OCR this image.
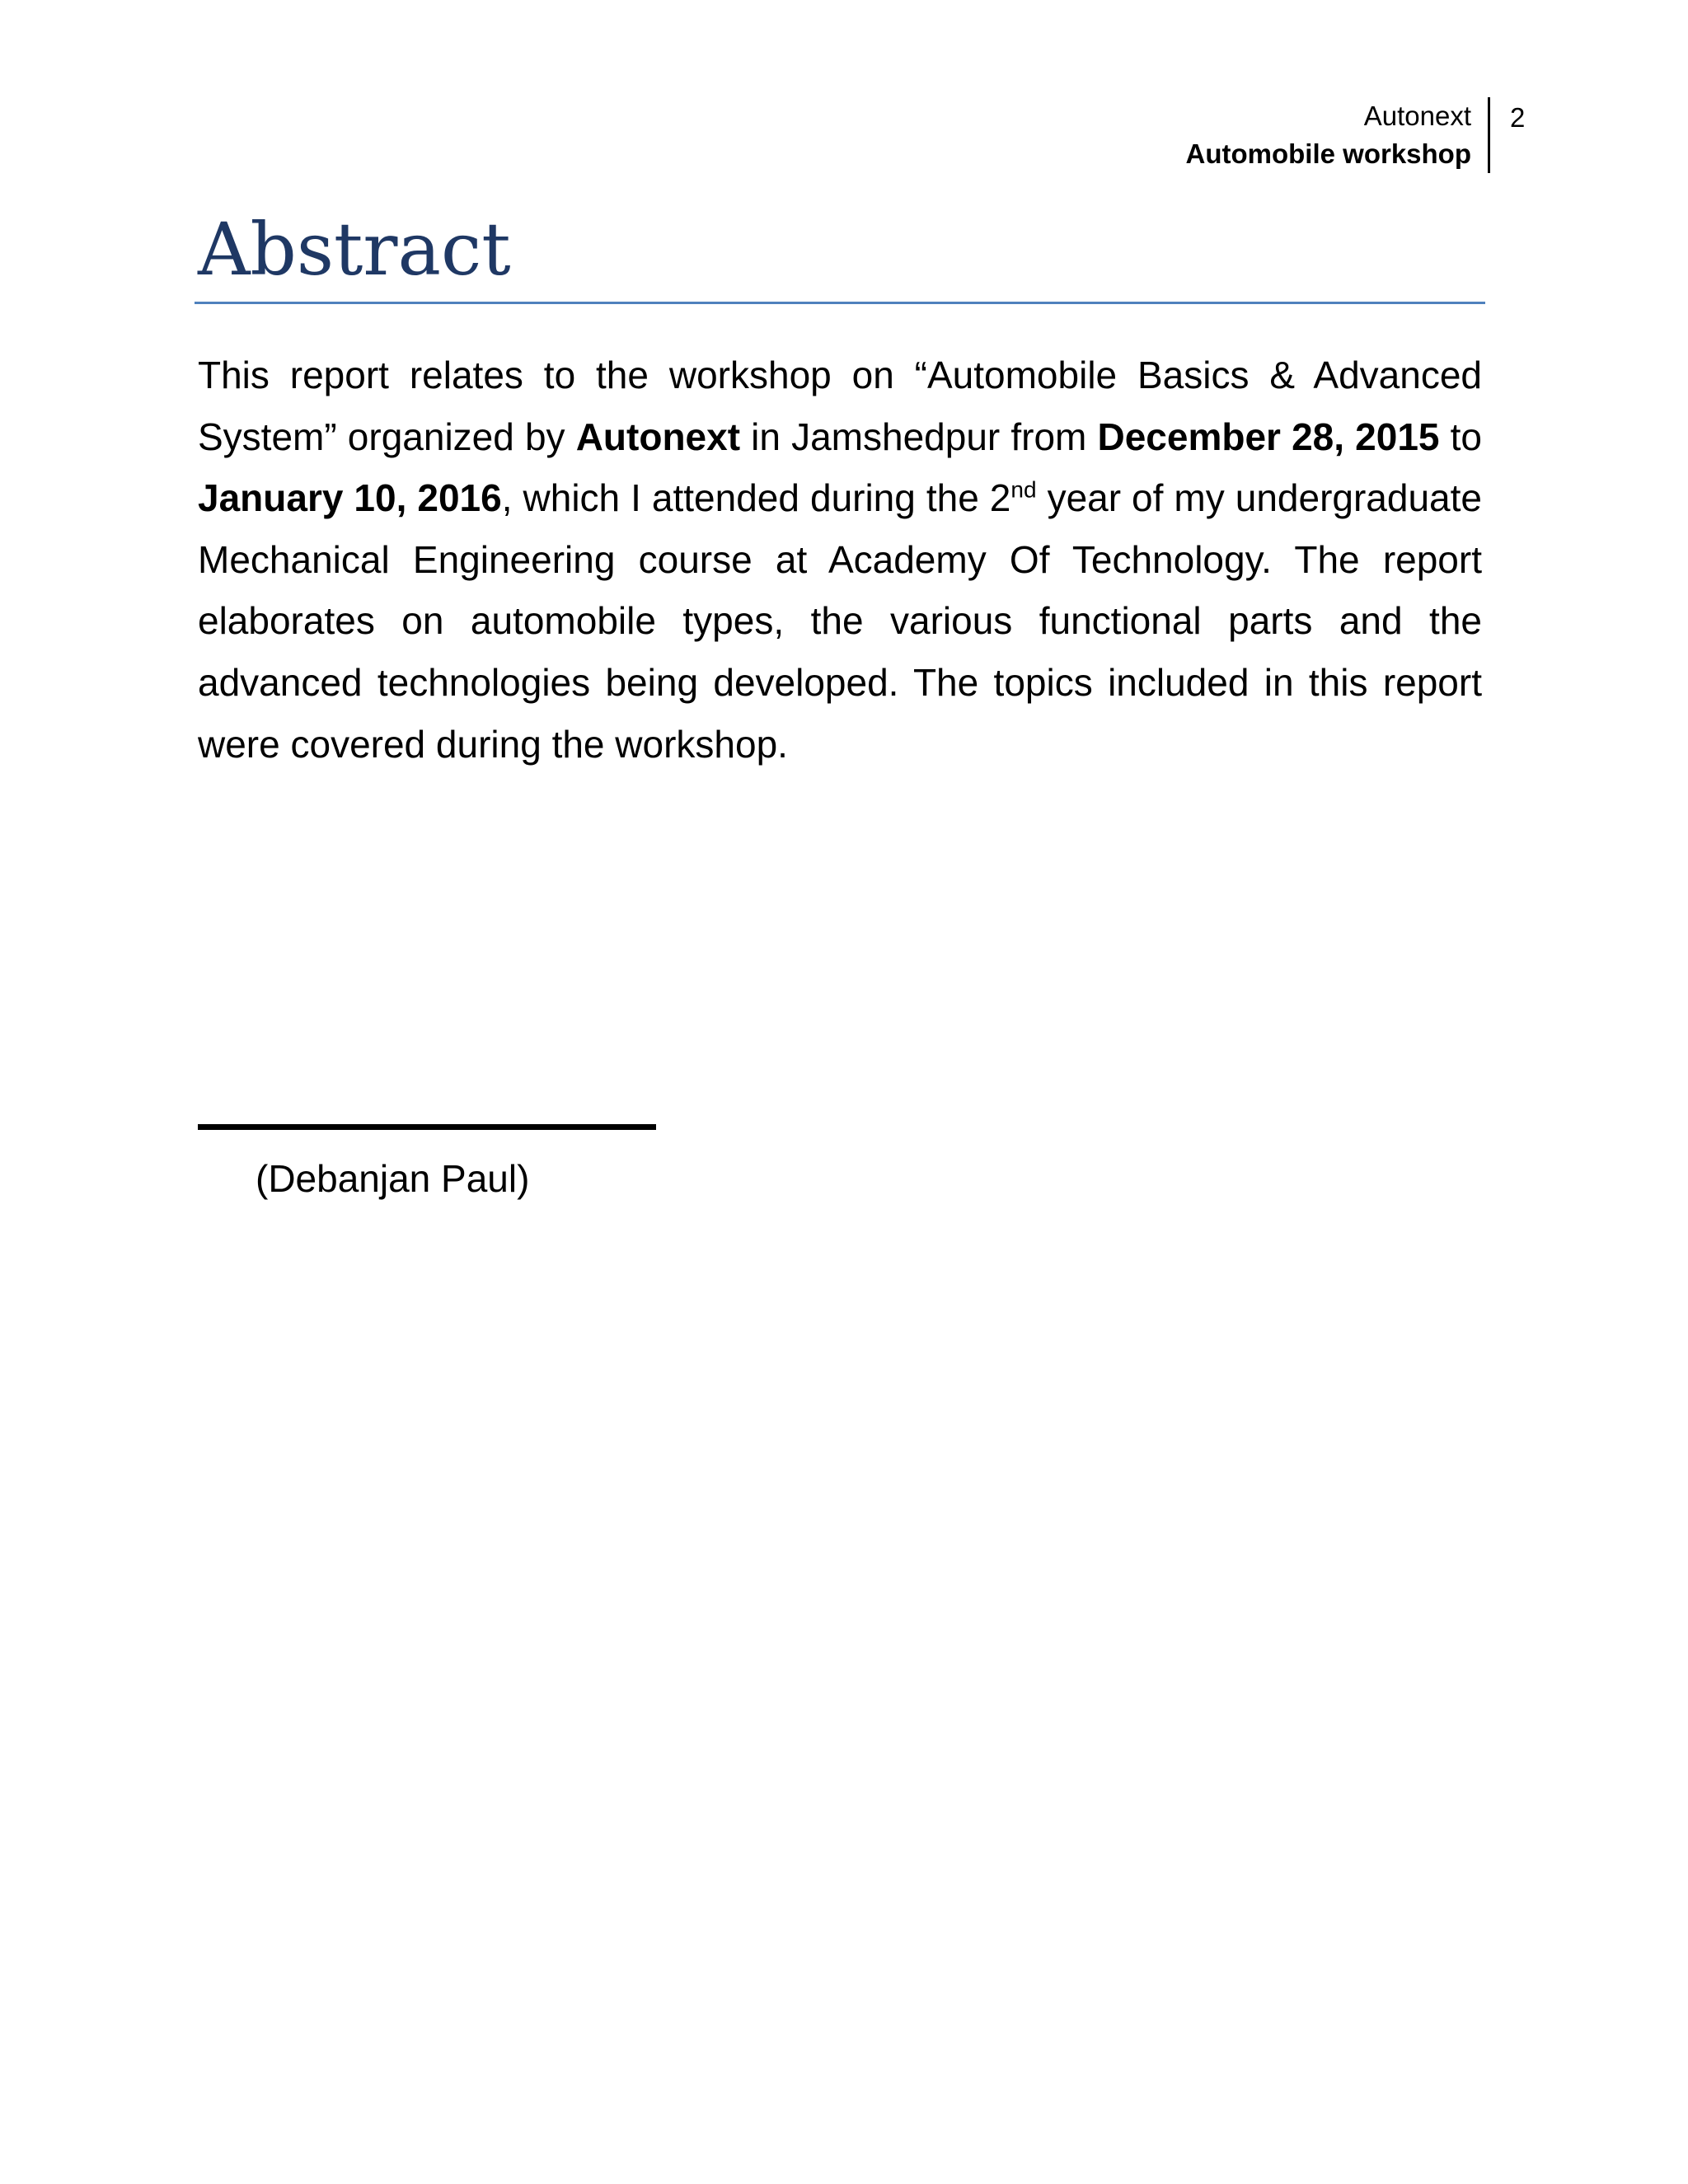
Autonext
Automobile workshop
2
Abstract

This report relates to the workshop on “Automobile Basics & Advanced System” organized by Autonext in Jamshedpur from December 28, 2015 to January 10, 2016, which I attended during the 2nd year of my undergraduate Mechanical Engineering course at Academy Of Technology. The report elaborates on automobile types, the various functional parts and the advanced technologies being developed. The topics included in this report were covered during the workshop.

(Debanjan Paul)
